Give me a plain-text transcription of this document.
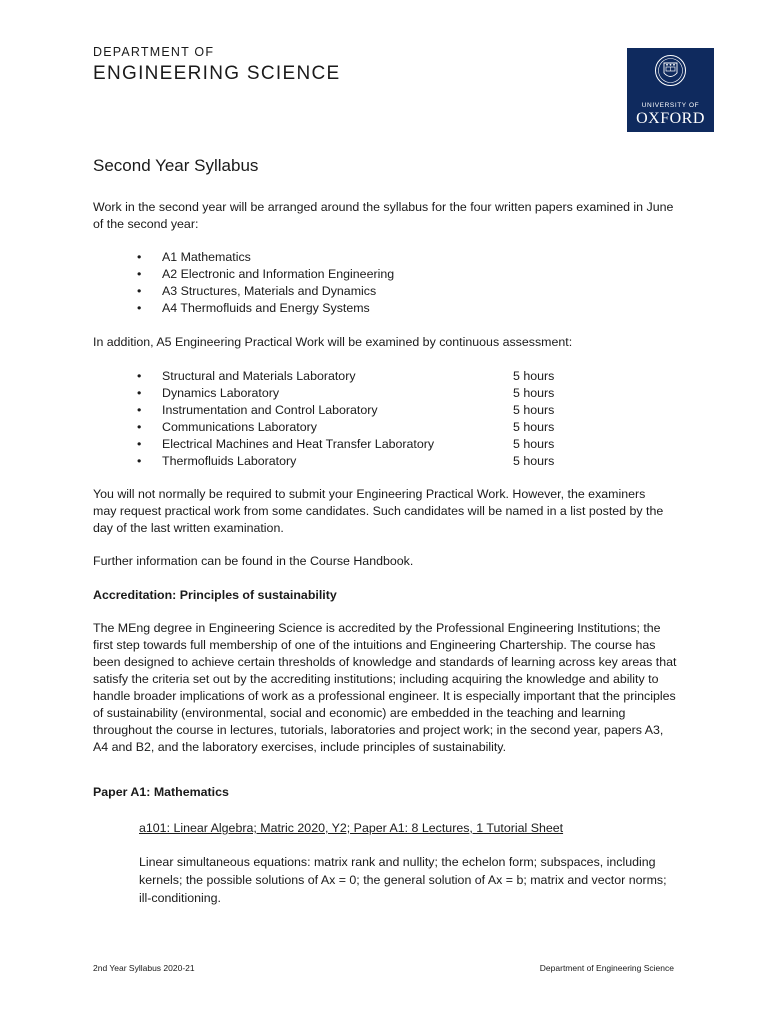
DEPARTMENT OF
ENGINEERING SCIENCE
UNIVERSITY OF
OXFORD
Second Year Syllabus
Work in the second year will be arranged around the syllabus for the four written papers examined in June of the second year:
• A1 Mathematics
• A2 Electronic and Information Engineering
• A3 Structures, Materials and Dynamics
• A4 Thermofluids and Energy Systems
In addition, A5 Engineering Practical Work will be examined by continuous assessment:
• Structural and Materials Laboratory	5 hours
• Dynamics Laboratory	5 hours
• Instrumentation and Control Laboratory	5 hours
• Communications Laboratory	5 hours
• Electrical Machines and Heat Transfer Laboratory	5 hours
• Thermofluids Laboratory	5 hours
You will not normally be required to submit your Engineering Practical Work. However, the examiners may request practical work from some candidates. Such candidates will be named in a list posted by the day of the last written examination.
Further information can be found in the Course Handbook.
Accreditation: Principles of sustainability
The MEng degree in Engineering Science is accredited by the Professional Engineering Institutions; the first step towards full membership of one of the intuitions and Engineering Chartership. The course has been designed to achieve certain thresholds of knowledge and standards of learning across key areas that satisfy the criteria set out by the accrediting institutions; including acquiring the knowledge and ability to handle broader implications of work as a professional engineer. It is especially important that the principles of sustainability (environmental, social and economic) are embedded in the teaching and learning throughout the course in lectures, tutorials, laboratories and project work; in the second year, papers A3, A4 and B2, and the laboratory exercises, include principles of sustainability.
Paper A1: Mathematics
a101: Linear Algebra; Matric 2020, Y2; Paper A1: 8 Lectures, 1 Tutorial Sheet
Linear simultaneous equations: matrix rank and nullity; the echelon form; subspaces, including kernels; the possible solutions of Ax = 0; the general solution of Ax = b; matrix and vector norms; ill-conditioning.
2nd Year Syllabus 2020-21	Department of Engineering Science
